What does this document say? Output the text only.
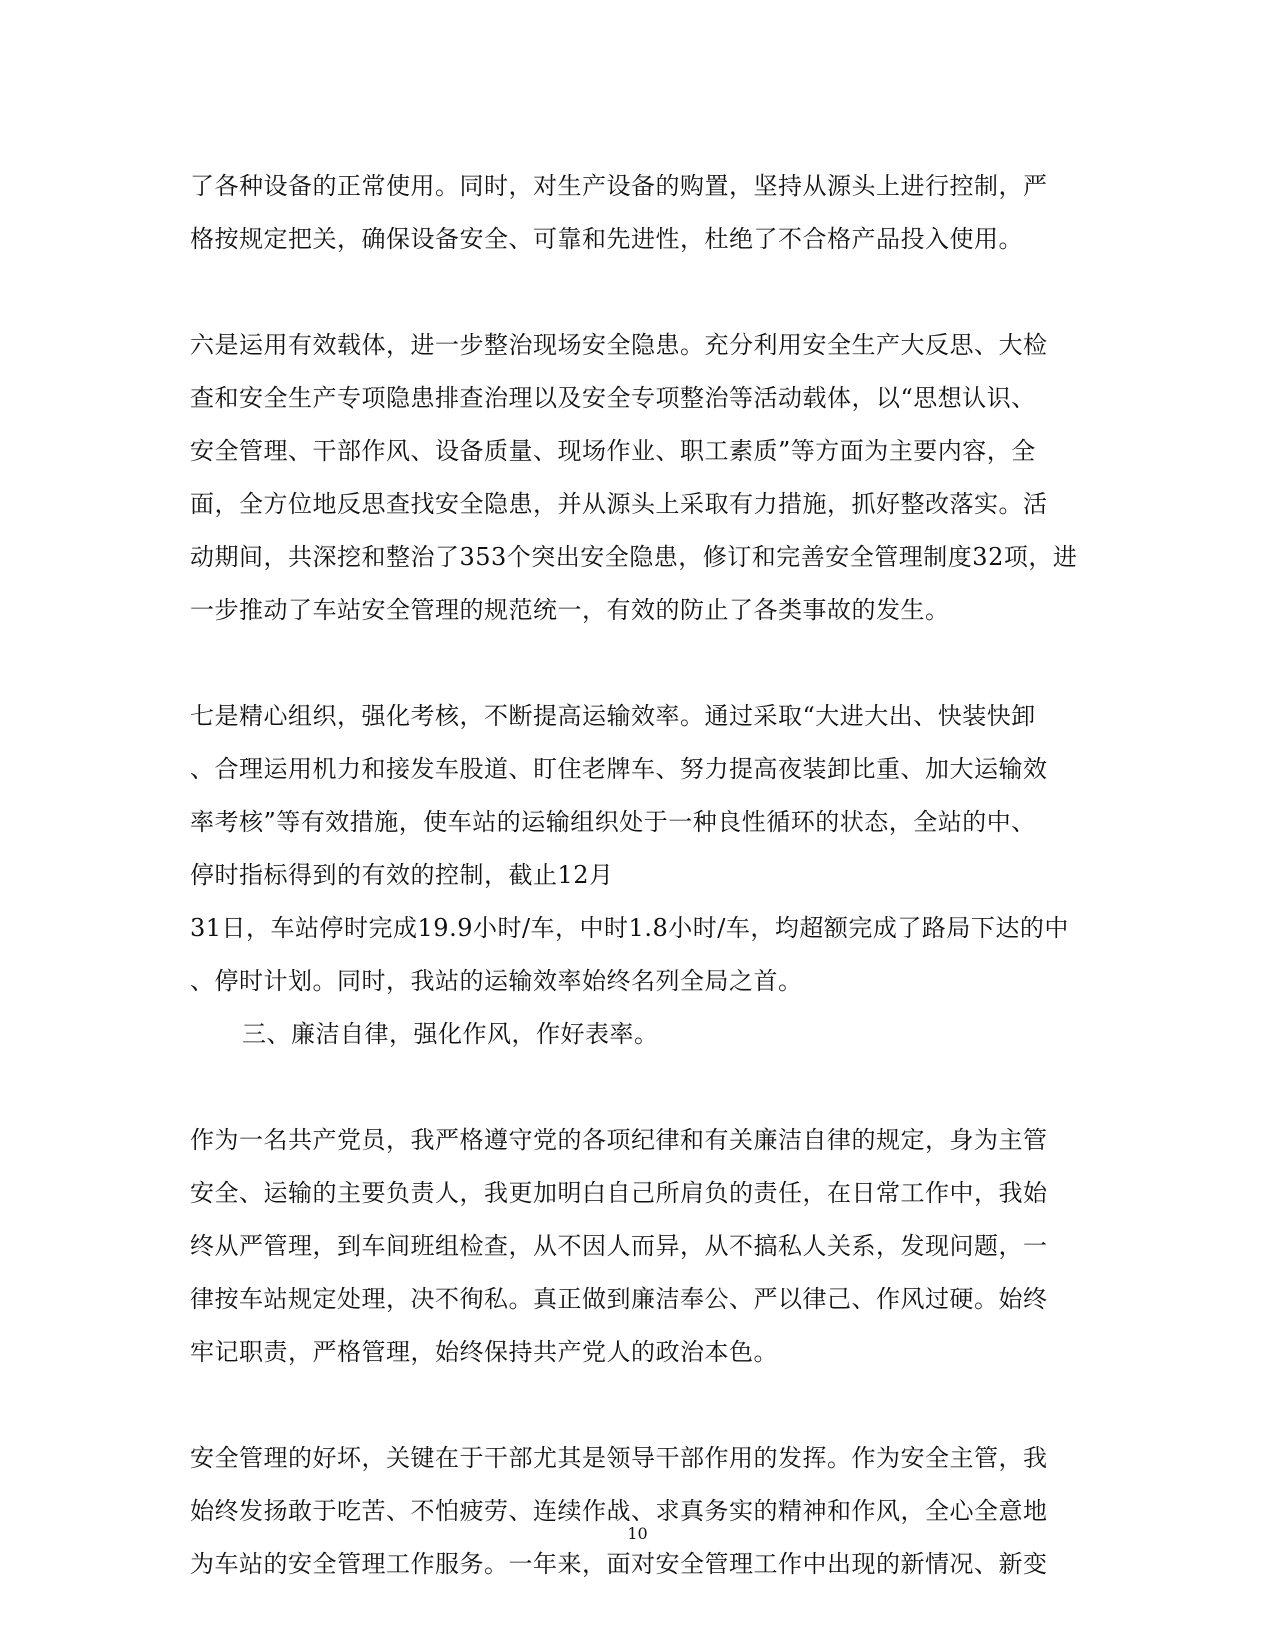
了各种设备的正常使用。同时，对生产设备的购置，坚持从源头上进行控制，严
格按规定把关，确保设备安全、可靠和先进性，杜绝了不合格产品投入使用。
六是运用有效载体，进一步整治现场安全隐患。充分利用安全生产大反思、大检
查和安全生产专项隐患排查治理以及安全专项整治等活动载体，以“思想认识、
安全管理、干部作风、设备质量、现场作业、职工素质”等方面为主要内容，全
面，全方位地反思查找安全隐患，并从源头上采取有力措施，抓好整改落实。活
动期间，共深挖和整治了353个突出安全隐患，修订和完善安全管理制度32项，进
一步推动了车站安全管理的规范统一，有效的防止了各类事故的发生。
七是精心组织，强化考核，不断提高运输效率。通过采取“大进大出、快装快卸
、合理运用机力和接发车股道、盯住老牌车、努力提高夜装卸比重、加大运输效
率考核”等有效措施，使车站的运输组织处于一种良性循环的状态，全站的中、
停时指标得到的有效的控制，截止12月
31日，车站停时完成19.9小时/车，中时1.8小时/车，均超额完成了路局下达的中
、停时计划。同时，我站的运输效率始终名列全局之首。
三、廉洁自律，强化作风，作好表率。
作为一名共产党员，我严格遵守党的各项纪律和有关廉洁自律的规定，身为主管
安全、运输的主要负责人，我更加明白自己所肩负的责任，在日常工作中，我始
终从严管理，到车间班组检查，从不因人而异，从不搞私人关系，发现问题，一
律按车站规定处理，决不徇私。真正做到廉洁奉公、严以律己、作风过硬。始终
牢记职责，严格管理，始终保持共产党人的政治本色。
安全管理的好坏，关键在于干部尤其是领导干部作用的发挥。作为安全主管，我
始终发扬敢于吃苦、不怕疲劳、连续作战、求真务实的精神和作风，全心全意地
为车站的安全管理工作服务。一年来，面对安全管理工作中出现的新情况、新变
10
